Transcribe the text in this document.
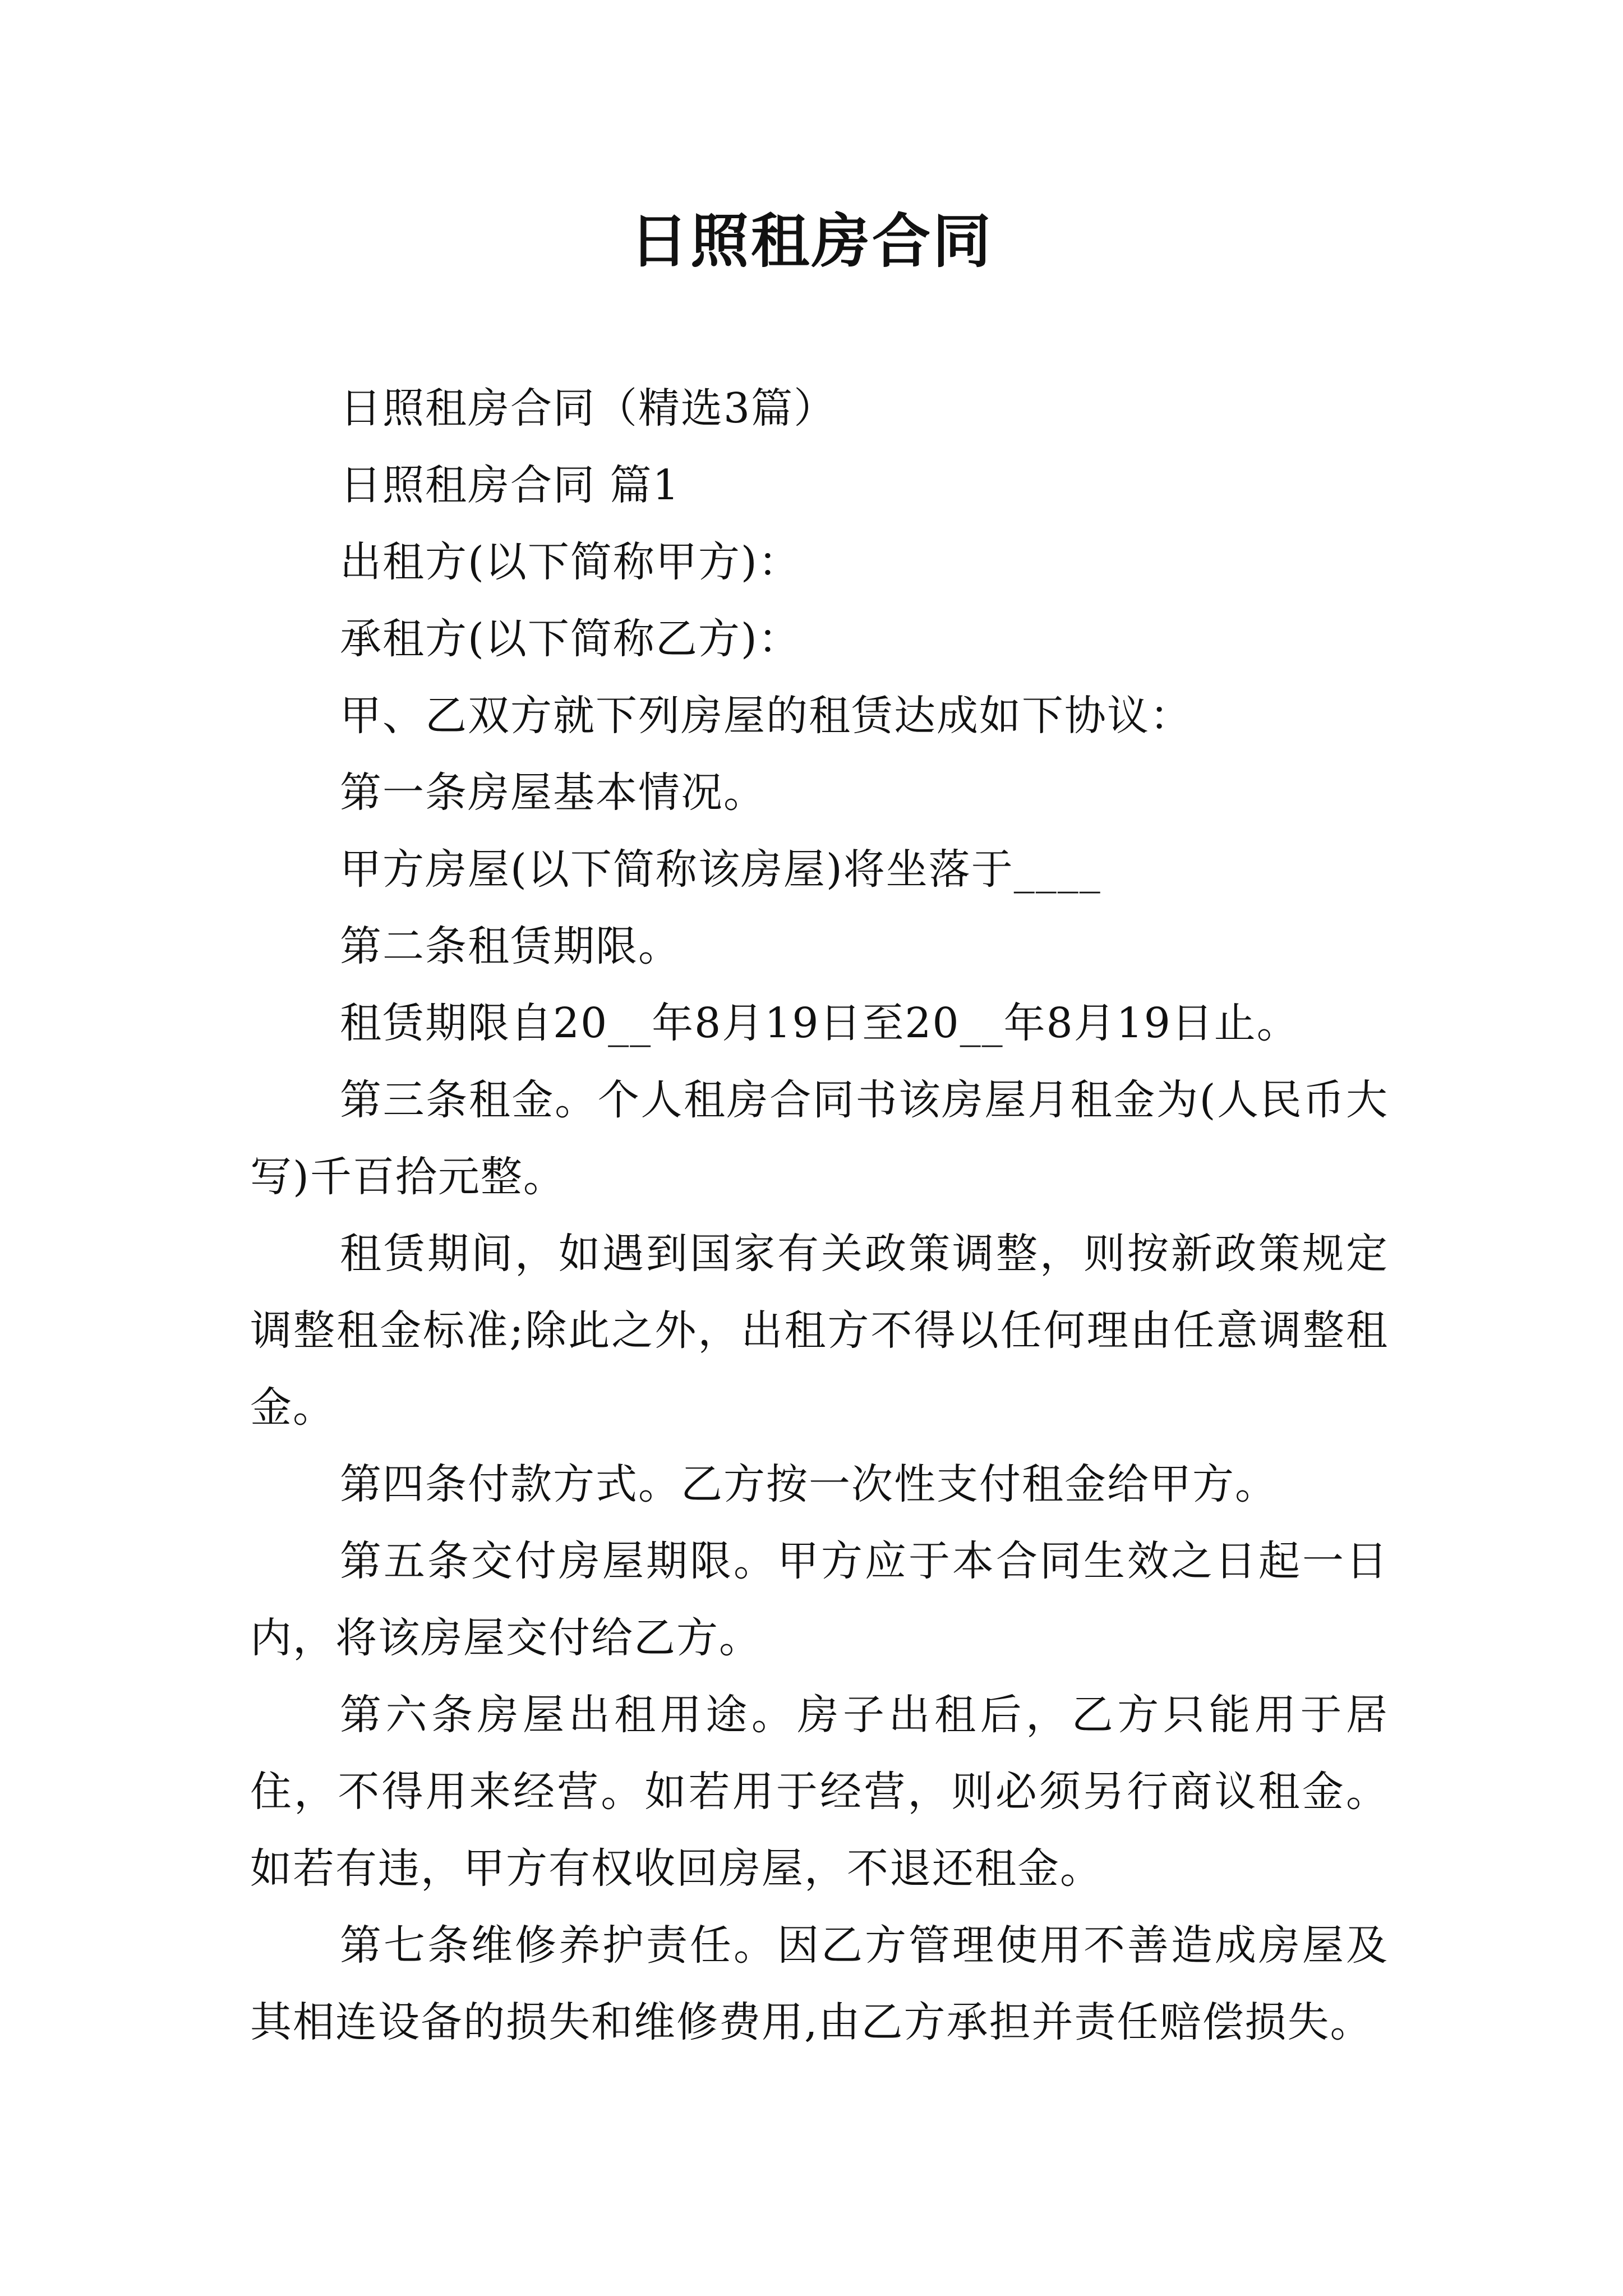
日照租房合同

日照租房合同（精选3篇）

日照租房合同 篇1

出租方(以下简称甲方)：

承租方(以下简称乙方)：

甲、乙双方就下列房屋的租赁达成如下协议：

第一条房屋基本情况。

甲方房屋(以下简称该房屋)将坐落于____

第二条租赁期限。

租赁期限自20__年8月19日至20__年8月19日止。

第三条租金。个人租房合同书该房屋月租金为(人民币大写)千百拾元整。

租赁期间，如遇到国家有关政策调整，则按新政策规定调整租金标准;除此之外，出租方不得以任何理由任意调整租金。

第四条付款方式。乙方按一次性支付租金给甲方。

第五条交付房屋期限。甲方应于本合同生效之日起一日内，将该房屋交付给乙方。

第六条房屋出租用途。房子出租后，乙方只能用于居住，不得用来经营。如若用于经营，则必须另行商议租金。如若有违，甲方有权收回房屋，不退还租金。

第七条维修养护责任。因乙方管理使用不善造成房屋及其相连设备的损失和维修费用,由乙方承担并责任赔偿损失。
